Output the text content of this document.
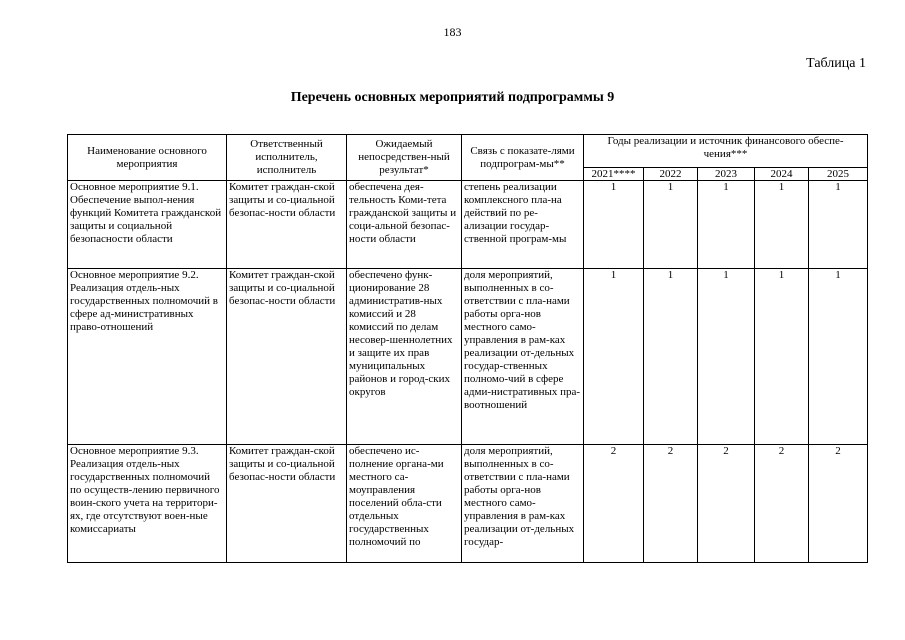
183
Таблица 1
Перечень основных мероприятий подпрограммы 9
Наименование основного мероприятия	Ответственный исполнитель, исполнитель	Ожидаемый непосредствен-ный результат*	Связь с показате-лями подпрограм-мы**	Годы реализации и источник финансового обеспе-чения***				
				2021****	2022	2023	2024	2025
Основное мероприятие 9.1. Обеспечение выпол-нения функций Комитета гражданской защиты и социальной безопасности области	Комитет граждан-ской защиты и со-циальной безопас-ности области	обеспечена дея-тельность Коми-тета гражданской защиты и соци-альной безопас-ности области	степень реализации комплексного пла-на действий по ре-ализации государ-ственной програм-мы	1	1	1	1	1
Основное мероприятие 9.2. Реализация отдель-ных государственных полномочий в сфере ад-министративных право-отношений	Комитет граждан-ской защиты и со-циальной безопас-ности области	обеспечено функ-ционирование 28 административ-ных комиссий и 28 комиссий по делам несовер-шеннолетних и защите их прав муниципальных районов и город-ских округов	доля мероприятий, выполненных в со-ответствии с пла-нами работы орга-нов местного само-управления в рам-ках реализации от-дельных государ-ственных полномо-чий в сфере адми-нистративных пра-воотношений	1	1	1	1	1
Основное мероприятие 9.3. Реализация отдель-ных государственных полномочий по осуществ-лению первичного воин-ского учета на территори-ях, где отсутствуют воен-ные комиссариаты	Комитет граждан-ской защиты и со-циальной безопас-ности области	обеспечено ис-полнение органа-ми местного са-моуправления поселений обла-сти отдельных государственных полномочий по	доля мероприятий, выполненных в со-ответствии с пла-нами работы орга-нов местного само-управления в рам-ках реализации от-дельных государ-	2	2	2	2	2
